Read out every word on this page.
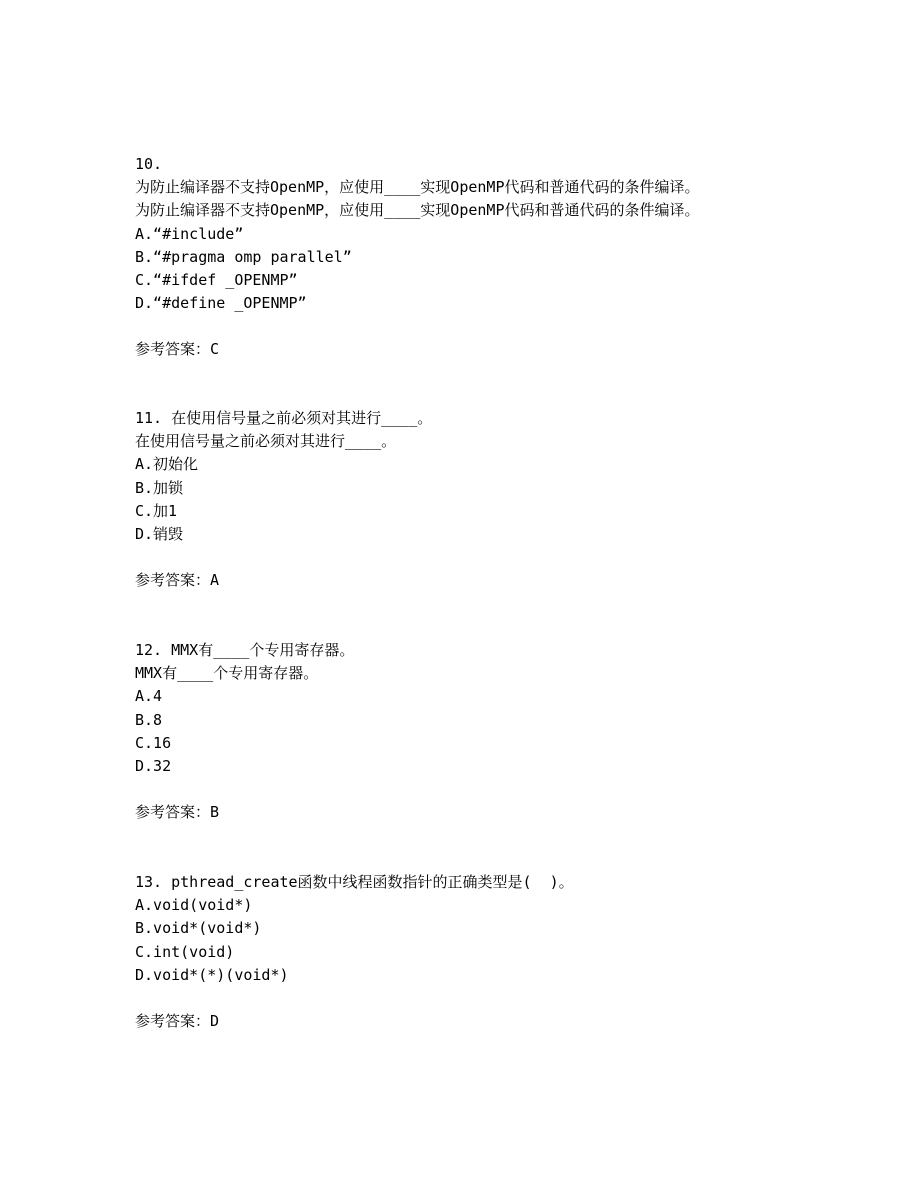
10.
为防止编译器不支持OpenMP，应使用____实现OpenMP代码和普通代码的条件编译。
为防止编译器不支持OpenMP，应使用____实现OpenMP代码和普通代码的条件编译。
A.“#include”
B.“#pragma omp parallel”
C.“#ifdef _OPENMP”
D.“#define _OPENMP”
参考答案：C
11. 在使用信号量之前必须对其进行____。
在使用信号量之前必须对其进行____。
A.初始化
B.加锁
C.加1
D.销毁
参考答案：A
12. MMX有____个专用寄存器。
MMX有____个专用寄存器。
A.4
B.8
C.16
D.32
参考答案：B
13. pthread_create函数中线程函数指针的正确类型是(  )。
A.void(void*)
B.void*(void*)
C.int(void)
D.void*(*)(void*)
参考答案：D
